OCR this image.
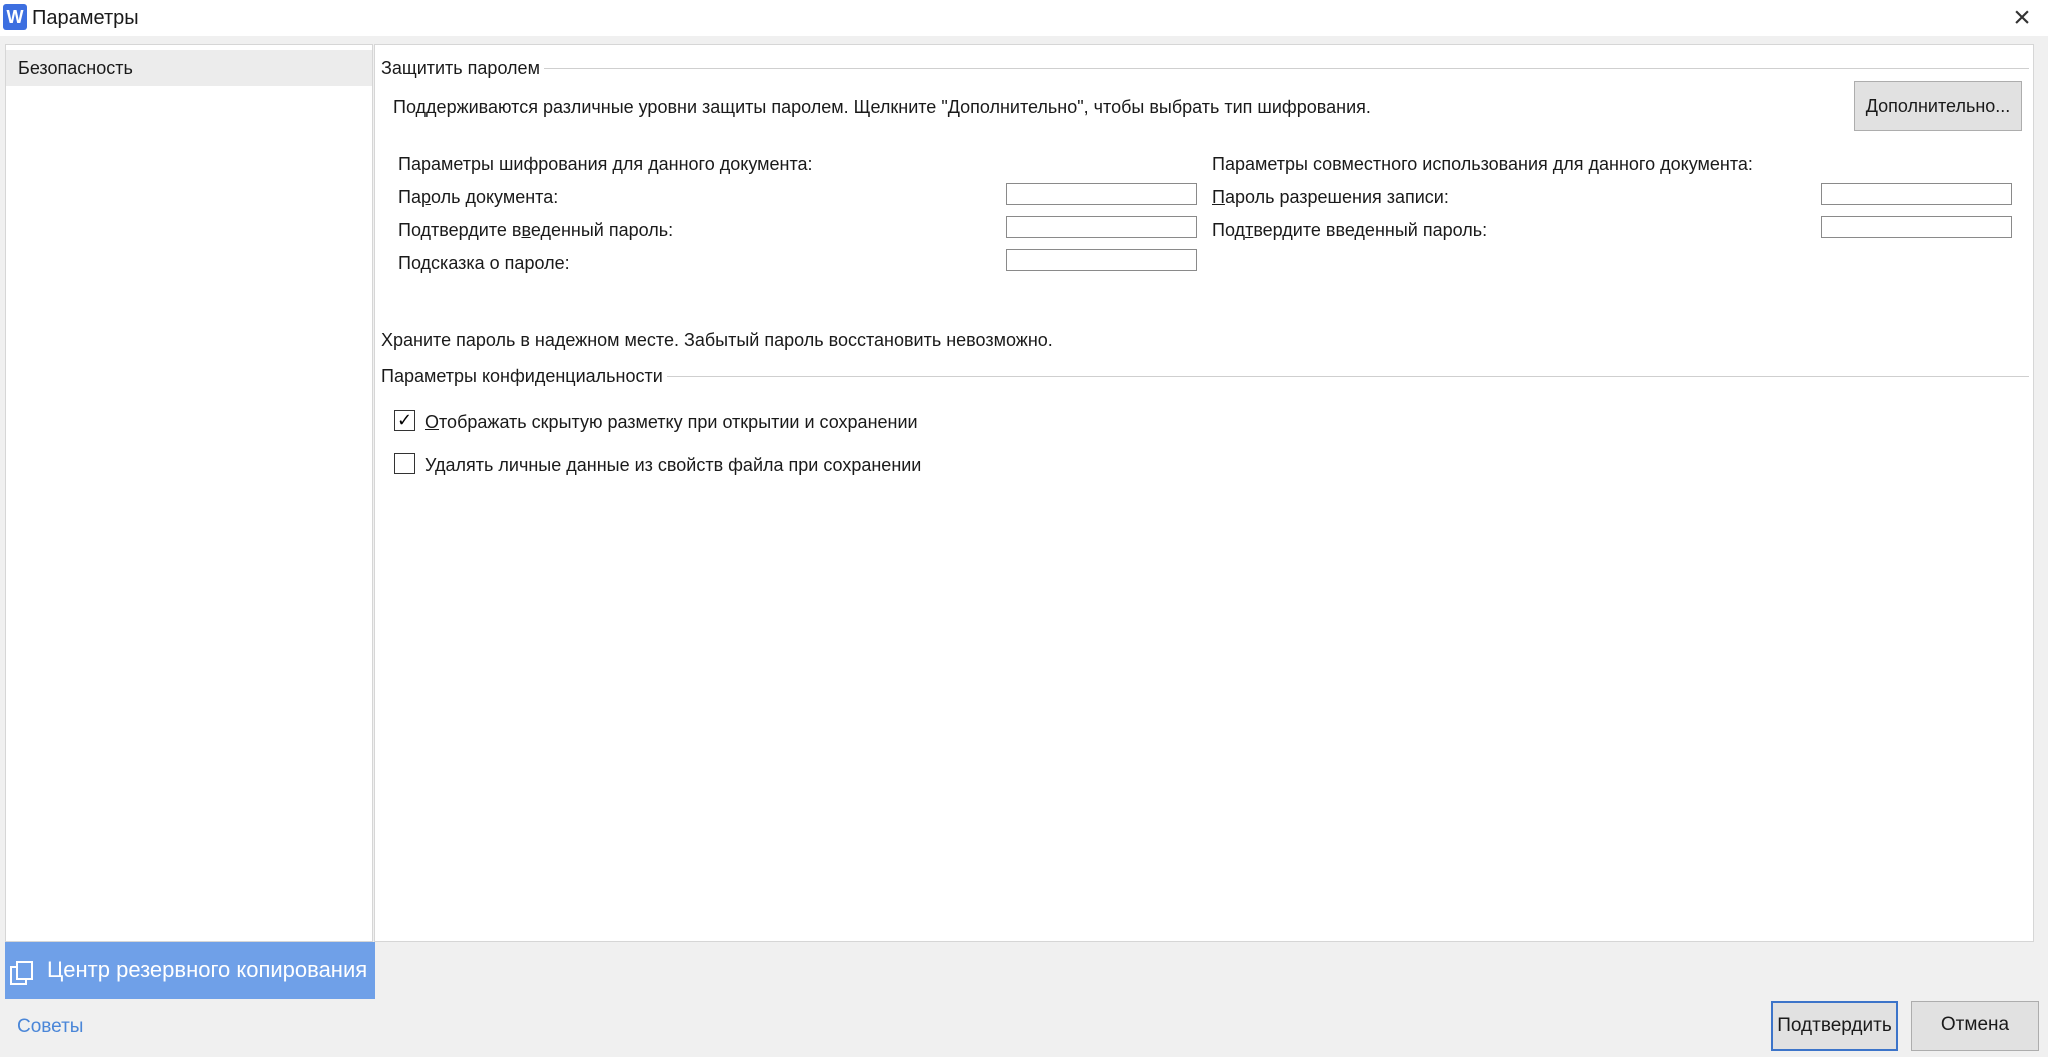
W Параметры	×
Безопасность	Защитить паролем
Поддерживаются различные уровни защиты паролем. Щелкните "Дополнительно", чтобы выбрать тип шифрования.	Дополнительно...
Параметры шифрования для данного документа:
Пароль документа:
Подтвердите введенный пароль:
Подсказка о пароле:
Параметры совместного использования для данного документа:
Пароль разрешения записи:
Подтвердите введенный пароль:
Храните пароль в надежном месте. Забытый пароль восстановить невозможно.
Параметры конфиденциальности
✓ Отображать скрытую разметку при открытии и сохранении
Удалять личные данные из свойств файла при сохранении
Центр резервного копирования
Советы	Подтвердить	Отмена
